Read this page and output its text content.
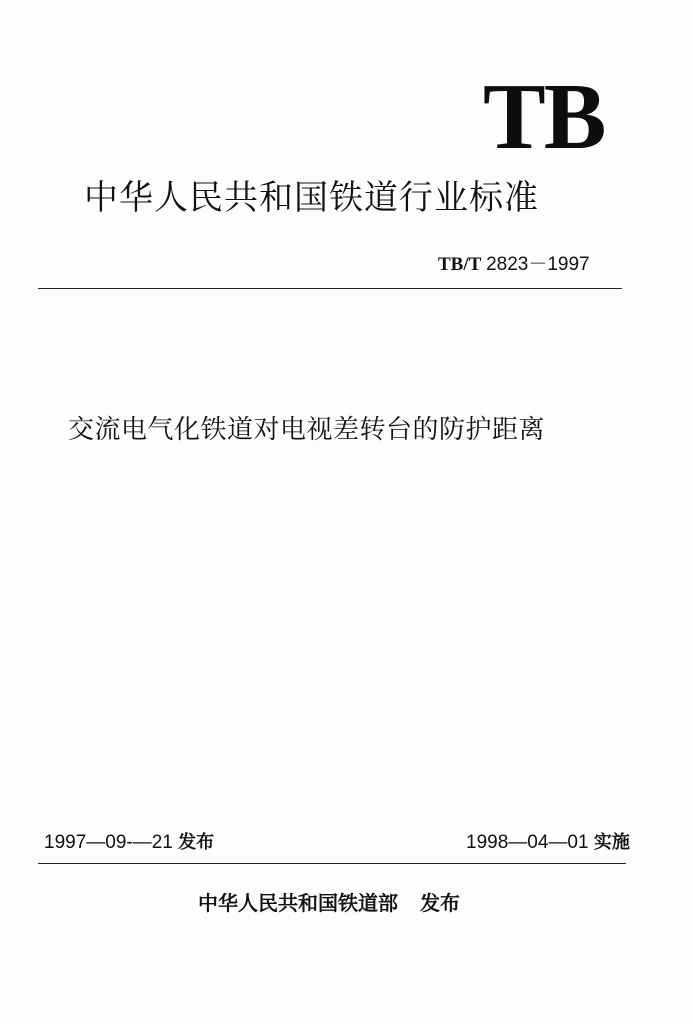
TB
中华人民共和国铁道行业标准
TB/T 2823－1997
交流电气化铁道对电视差转台的防护距离
1997—09-—21 发布	1998—04—01 实施
中华人民共和国铁道部 发布
